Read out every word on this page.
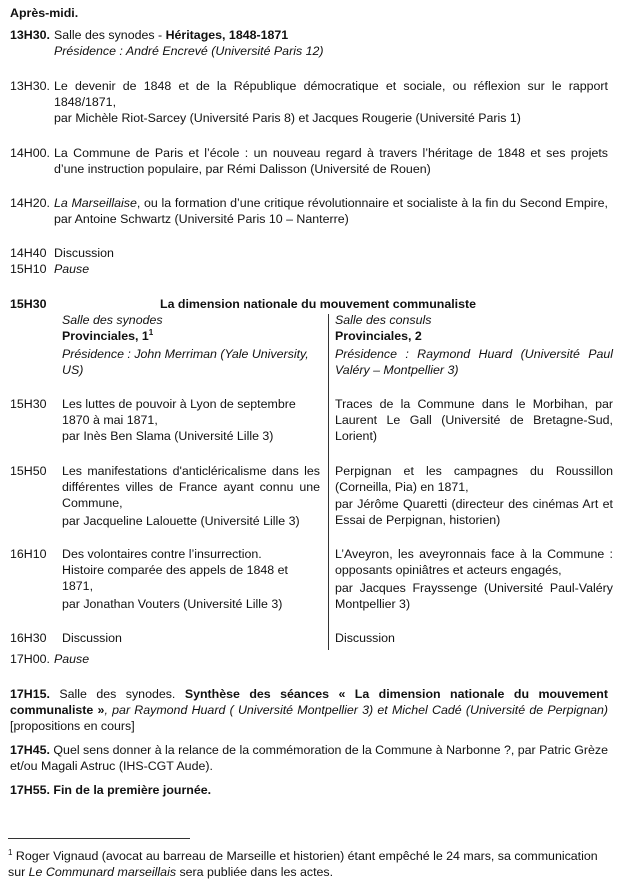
Après-midi.
13H30. Salle des synodes - Héritages, 1848-1871
Présidence : André Encrevé (Université Paris 12)
13H30. Le devenir de 1848 et de la République démocratique et sociale, ou réflexion sur le rapport 1848/1871,
par Michèle Riot-Sarcey (Université Paris 8) et Jacques Rougerie (Université Paris 1)
14H00. La Commune de Paris et l’école : un nouveau regard à travers l’héritage de 1848 et ses projets d’une instruction populaire, par Rémi Dalisson (Université de Rouen)
14H20. La Marseillaise, ou la formation d’une critique révolutionnaire et socialiste à la fin du Second Empire, par Antoine Schwartz (Université Paris 10 – Nanterre)
14H40 Discussion
15H10 Pause
15H30	La dimension nationale du mouvement communaliste
Salle des synodes
Provinciales, $1^1$
Présidence : John Merriman (Yale University, US)
15H30 Les luttes de pouvoir à Lyon de septembre
1870 à mai 1871,
par Inès Ben Slama (Université Lille 3)
15H50 Les manifestations d'anticléricalisme dans les différentes villes de France ayant connu une Commune,
par Jacqueline Lalouette (Université Lille 3)
16H10 Des volontaires contre l’insurrection.
Histoire comparée des appels de 1848 et
1871,
par Jonathan Vouters (Université Lille 3)
16H30 Discussion
Salle des consuls
Provinciales, 2
Présidence : Raymond Huard (Université Paul Valéry – Montpellier 3)
Traces de la Commune dans le Morbihan, par Laurent Le Gall (Université de Bretagne-Sud, Lorient)
Perpignan et les campagnes du Roussillon (Corneilla, Pia) en 1871,
par Jérôme Quaretti (directeur des cinémas Art et Essai de Perpignan, historien)
L’Aveyron, les aveyronnais face à la Commune : opposants opiniâtres et acteurs engagés,
par Jacques Frayssenge (Université Paul-Valéry Montpellier 3)
Discussion
17H00. Pause
17H15. Salle des synodes. Synthèse des séances « La dimension nationale du mouvement communaliste », par Raymond Huard ( Université Montpellier 3) et Michel Cadé (Université de Perpignan) [propositions en cours]
17H45. Quel sens donner à la relance de la commémoration de la Commune à Narbonne ?, par Patric Grèze et/ou Magali Astruc (IHS-CGT Aude).
17H55. Fin de la première journée.
$^1$ Roger Vignaud (avocat au barreau de Marseille et historien) étant empêché le 24 mars, sa communication sur Le Communard marseillais sera publiée dans les actes.
